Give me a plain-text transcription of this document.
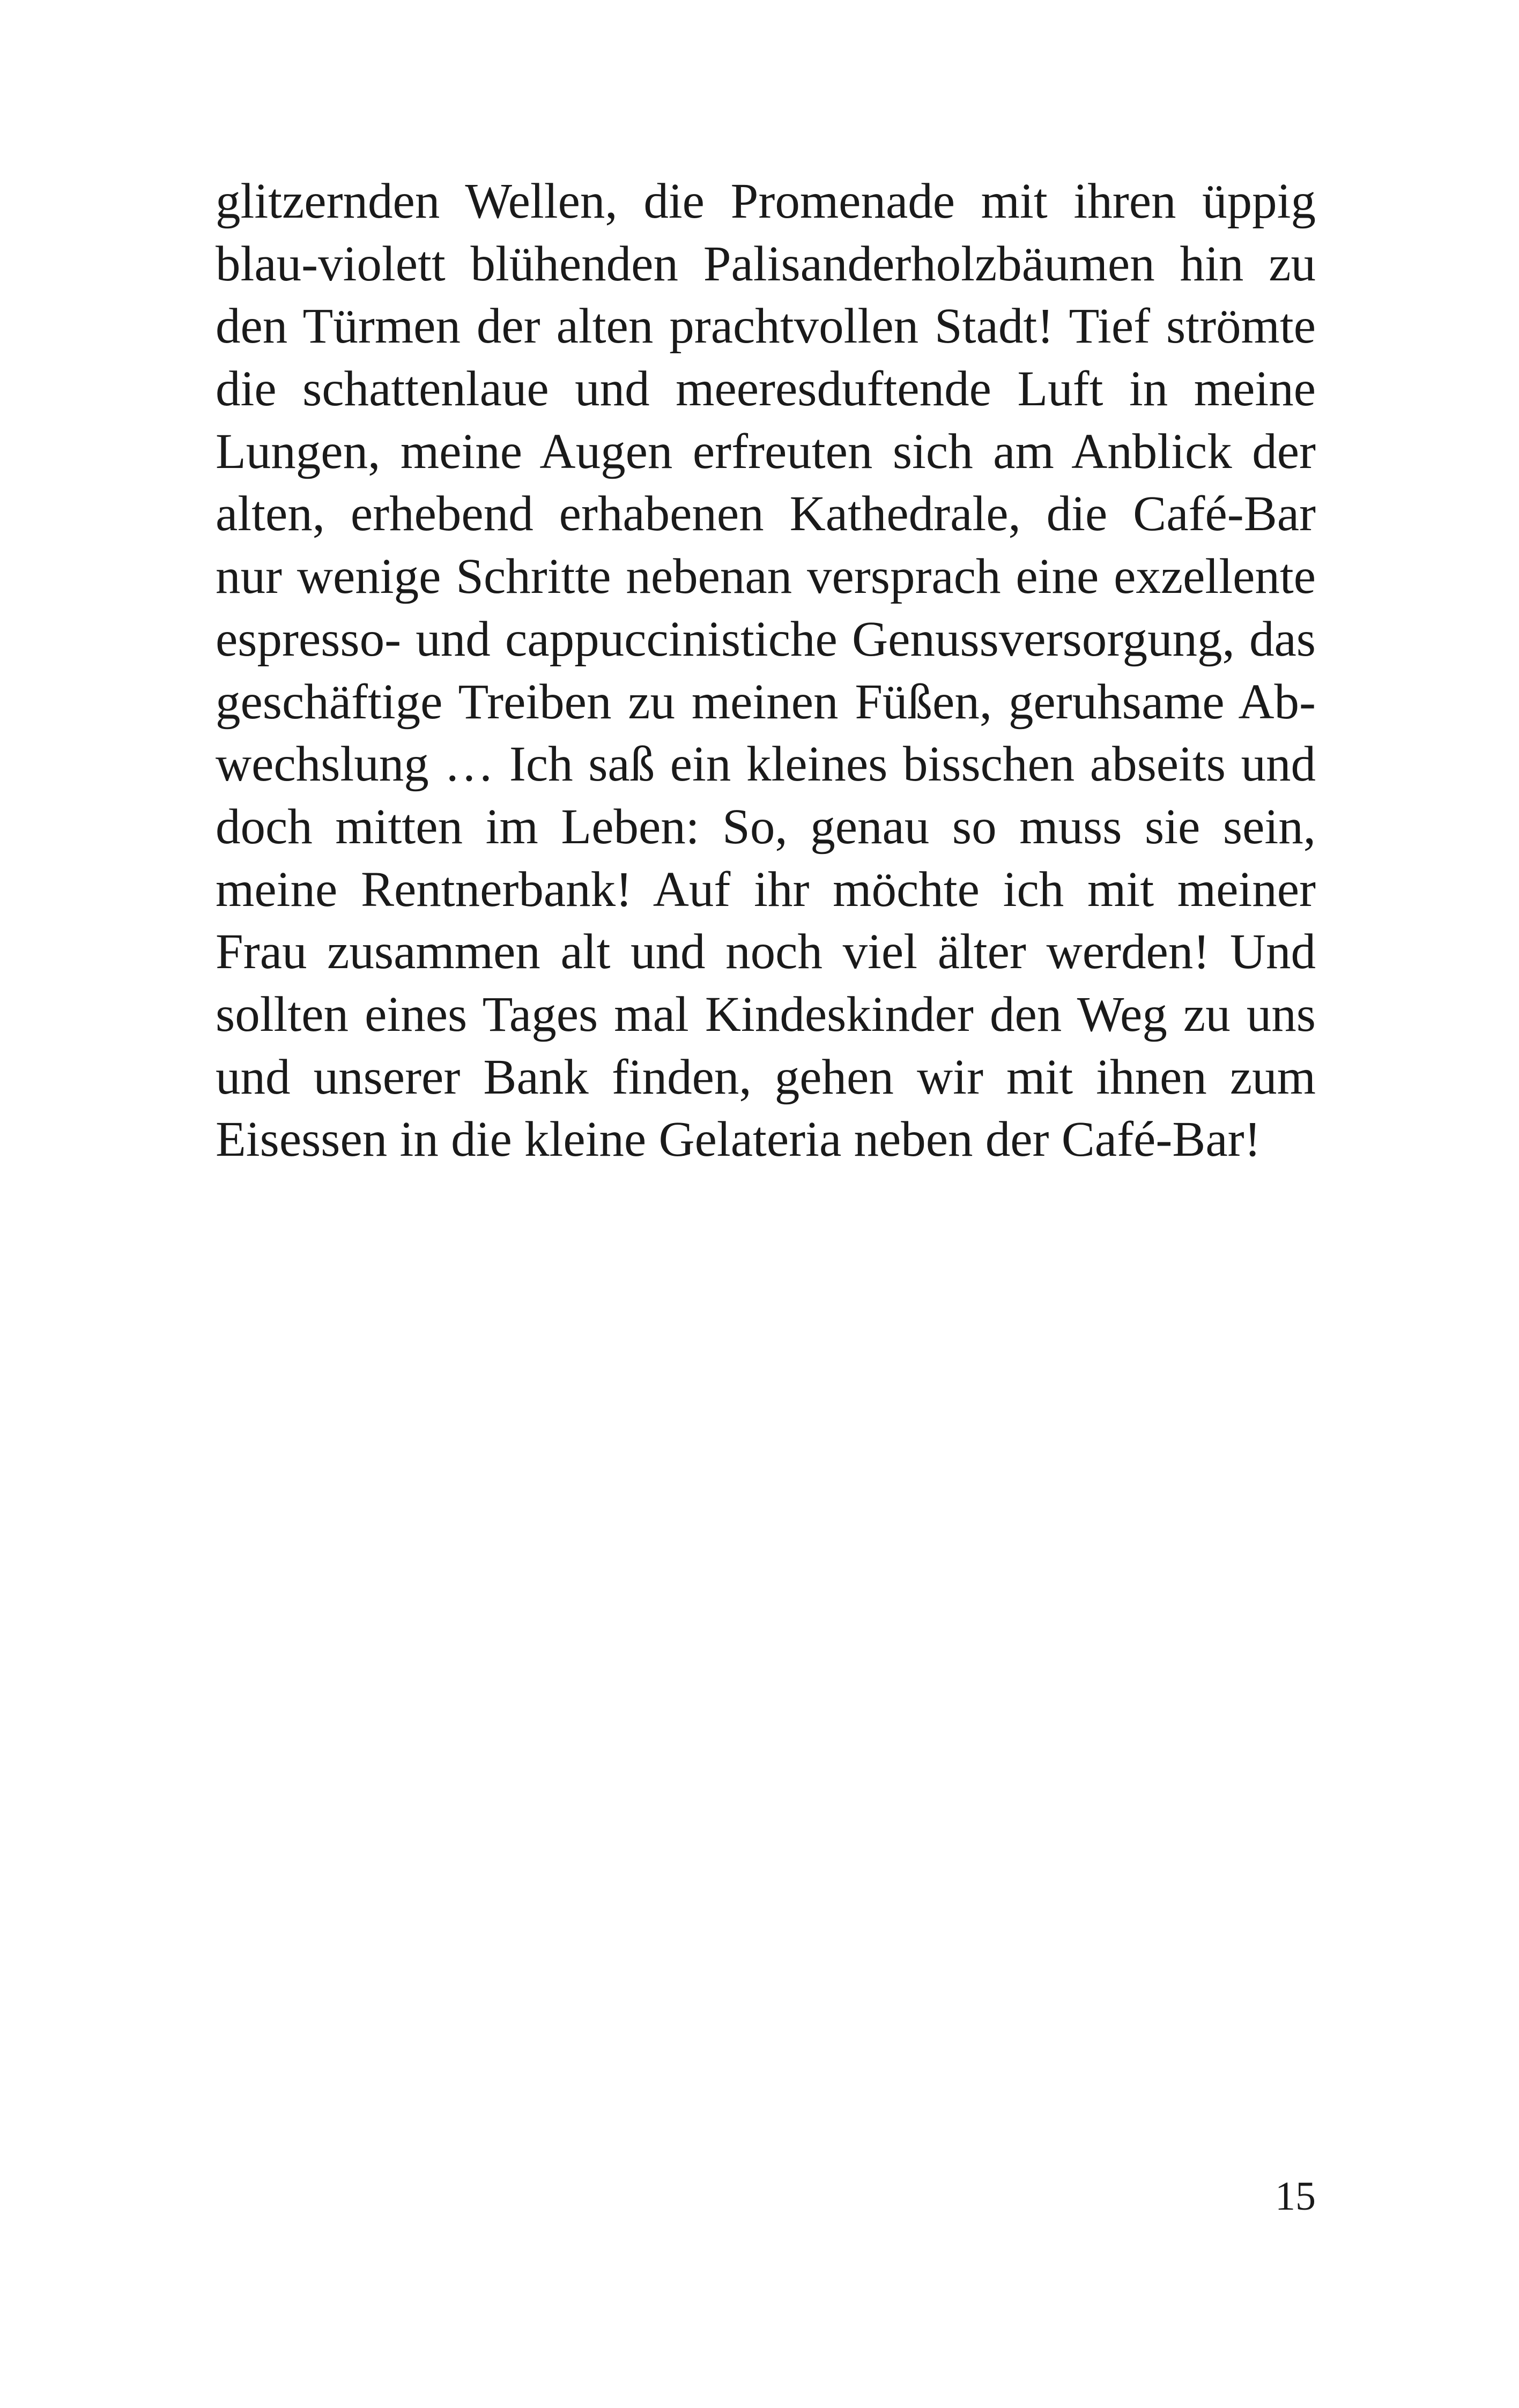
glitzernden Wellen, die Promenade mit ihren üppig
blau-violett blühenden Palisanderholzbäumen hin zu
den Türmen der alten prachtvollen Stadt! Tief strömte
die schattenlaue und meeresduftende Luft in meine
Lungen, meine Augen erfreuten sich am Anblick der
alten, erhebend erhabenen Kathedrale, die Café-Bar
nur wenige Schritte nebenan versprach eine exzellente
espresso- und cappuccinistiche Genussversorgung, das
geschäftige Treiben zu meinen Füßen, geruhsame Ab-
wechslung … Ich saß ein kleines bisschen abseits und
doch mitten im Leben: So, genau so muss sie sein,
meine Rentnerbank! Auf ihr möchte ich mit meiner
Frau zusammen alt und noch viel älter werden! Und
sollten eines Tages mal Kindeskinder den Weg zu uns
und unserer Bank finden, gehen wir mit ihnen zum
Eisessen in die kleine Gelateria neben der Café-Bar!
15
